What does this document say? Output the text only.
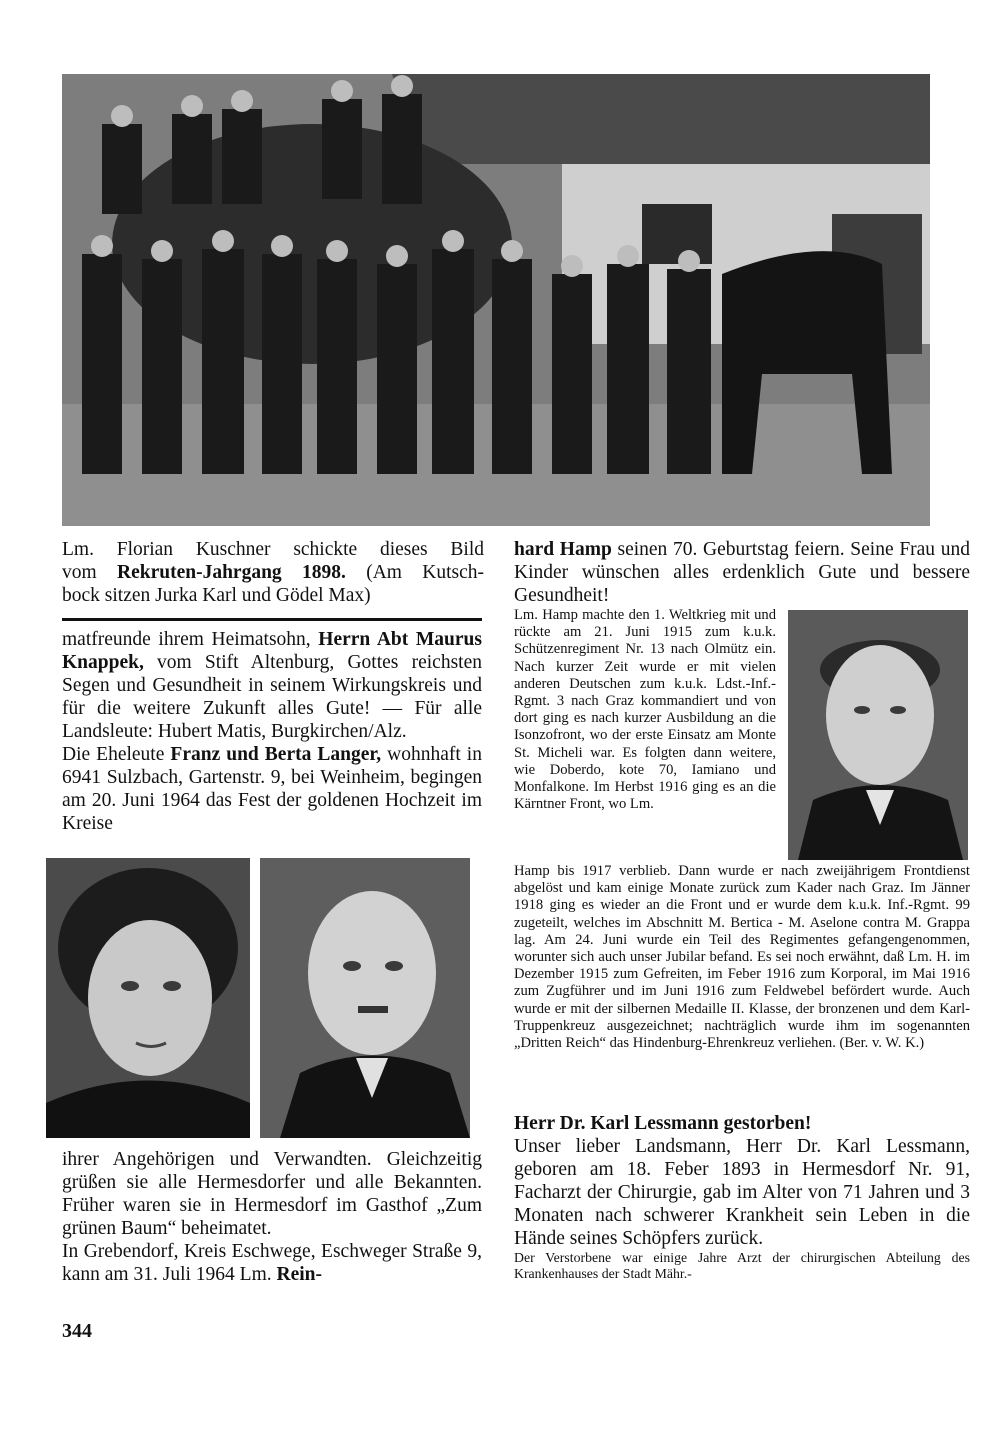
Lm. Florian Kuschner schickte dieses Bild

vom Rekruten-Jahrgang 1898. (Am Kutsch-

bock sitzen Jurka Karl und Gödel Max)

matfreunde ihrem Heimatsohn, Herrn Abt Maurus Knappek, vom Stift Altenburg, Gottes reichsten Segen und Gesundheit in seinem Wirkungskreis und für die weitere Zukunft alles Gute! — Für alle Landsleute: Hubert Matis, Burgkirchen/Alz.

Die Eheleute Franz und Berta Langer, wohnhaft in 6941 Sulzbach, Gartenstr. 9, bei Weinheim, begingen am 20. Juni 1964 das Fest der goldenen Hochzeit im Kreise

ihrer Angehörigen und Verwandten. Gleichzeitig grüßen sie alle Hermesdorfer und alle Bekannten. Früher waren sie in Hermesdorf im Gasthof „Zum grünen Baum“ beheimatet.

In Grebendorf, Kreis Eschwege, Eschweger Straße 9, kann am 31. Juli 1964 Lm. Rein-

344

hard Hamp seinen 70. Geburtstag feiern. Seine Frau und Kinder wünschen alles erdenklich Gute und bessere Gesundheit!

Lm. Hamp machte den 1. Weltkrieg mit und rückte am 21. Juni 1915 zum k.u.k. Schützenregiment Nr. 13 nach Olmütz ein. Nach kurzer Zeit wurde er mit vielen anderen Deutschen zum k.u.k. Ldst.-Inf.-Rgmt. 3 nach Graz kommandiert und von dort ging es nach kurzer Ausbildung an die Isonzofront, wo der erste Einsatz am Monte St. Micheli war. Es folgten dann weitere, wie Doberdo, kote 70, Iamiano und Monfalkone. Im Herbst 1916 ging es an die Kärntner Front, wo Lm.

Hamp bis 1917 verblieb. Dann wurde er nach zweijährigem Frontdienst abgelöst und kam einige Monate zurück zum Kader nach Graz. Im Jänner 1918 ging es wieder an die Front und er wurde dem k.u.k. Inf.-Rgmt. 99 zugeteilt, welches im Abschnitt M. Bertica - M. Aselone contra M. Grappa lag. Am 24. Juni wurde ein Teil des Regimentes gefangengenommen, worunter sich auch unser Jubilar befand. Es sei noch erwähnt, daß Lm. H. im Dezember 1915 zum Gefreiten, im Feber 1916 zum Korporal, im Mai 1916 zum Zugführer und im Juni 1916 zum Feldwebel befördert wurde. Auch wurde er mit der silbernen Medaille II. Klasse, der bronzenen und dem Karl-Truppenkreuz ausgezeichnet; nachträglich wurde ihm im sogenannten „Dritten Reich“ das Hindenburg-Ehrenkreuz verliehen. (Ber. v. W. K.)

Herr Dr. Karl Lessmann gestorben!

Unser lieber Landsmann, Herr Dr. Karl Lessmann, geboren am 18. Feber 1893 in Hermesdorf Nr. 91, Facharzt der Chirurgie, gab im Alter von 71 Jahren und 3 Monaten nach schwerer Krankheit sein Leben in die Hände seines Schöpfers zurück.

Der Verstorbene war einige Jahre Arzt der chirurgischen Abteilung des Krankenhauses der Stadt Mähr.-
